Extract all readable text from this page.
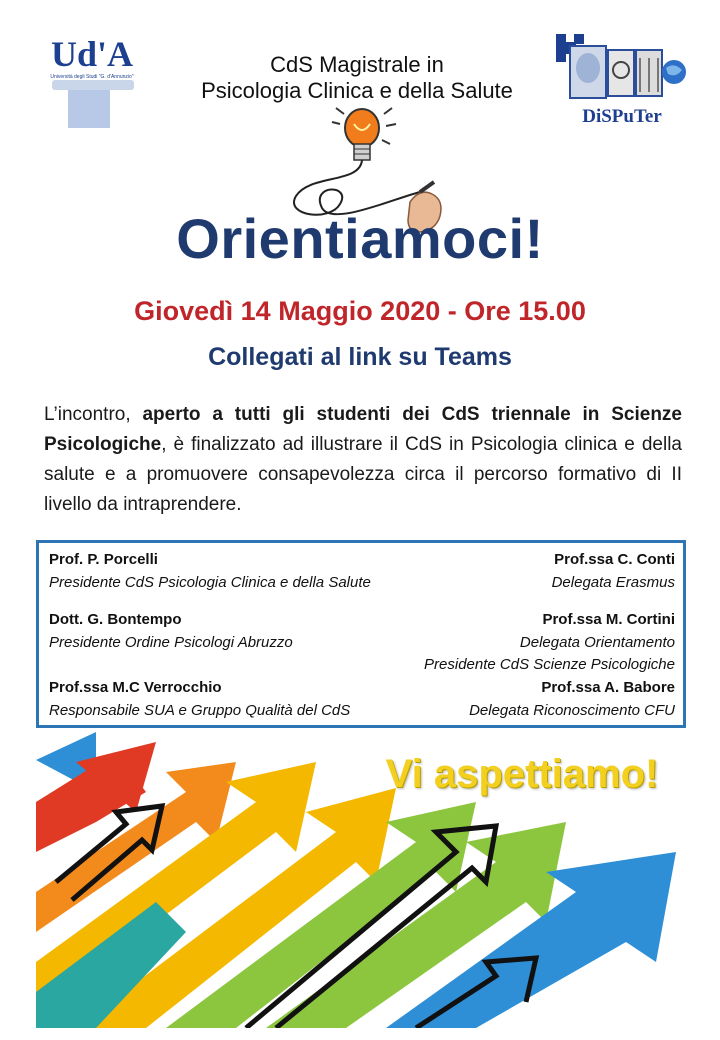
Ud'A
Università degli Studi "G. d'Annunzio"
DiSPuTer
CdS Magistrale in
Psicologia Clinica e della Salute
Orientiamoci!
Giovedì 14 Maggio 2020 - Ore 15.00
Collegati al link su Teams
L’incontro, aperto a tutti gli studenti dei CdS triennale in Scienze Psicologiche, è finalizzato ad illustrare il CdS in Psicologia clinica e della salute e a promuovere consapevolezza circa il percorso formativo di II livello da intraprendere.
Prof. P. Porcelli
Presidente CdS Psicologia Clinica e della Salute
Dott. G. Bontempo
Presidente Ordine Psicologi Abruzzo
Prof.ssa M.C Verrocchio
Responsabile SUA e Gruppo Qualità del CdS
Prof.ssa C. Conti
Delegata Erasmus
Prof.ssa M. Cortini
Delegata Orientamento
Presidente CdS Scienze Psicologiche
Prof.ssa A. Babore
Delegata Riconoscimento CFU
Vi aspettiamo!
